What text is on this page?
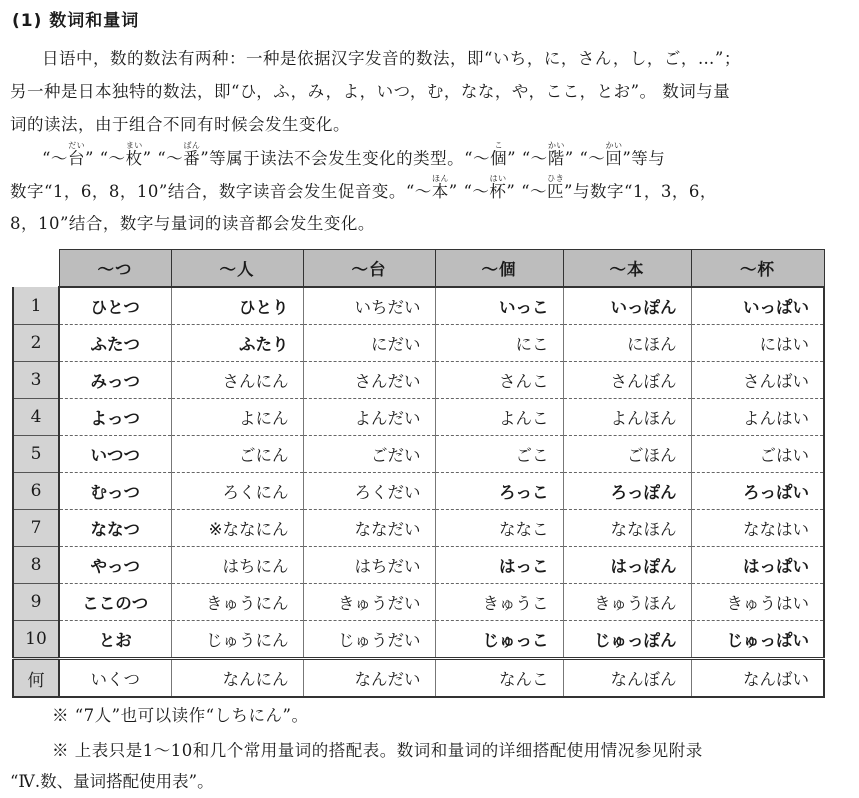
(1) 数词和量词
日语中，数的数法有两种：一种是依据汉字发音的数法，即“いち，に，さん，し，ご，…”；
另一种是日本独特的数法，即“ひ，ふ，み，よ，いつ，む，なな，や，ここ，とお”。 数词与量
词的读法，由于组合不同有时候会发生变化。
“～台だい” “～枚まい” “～番ばん”等属于读法不会发生变化的类型。“～個こ” “～階かい” “～回かい”等与
数字“1，6，8，10”结合，数字读音会发生促音变。“～本ほん” “～杯はい” “～匹ひき”与数字“1，3，6，
8，10”结合，数字与量词的读音都会发生变化。
	～つ	～人	～台	～個	～本	～杯
1	ひとつ	ひとり	いちだい	いっこ	いっぽん	いっぱい
2	ふたつ	ふたり	にだい	にこ	にほん	にはい
3	みっつ	さんにん	さんだい	さんこ	さんぼん	さんばい
4	よっつ	よにん	よんだい	よんこ	よんほん	よんはい
5	いつつ	ごにん	ごだい	ごこ	ごほん	ごはい
6	むっつ	ろくにん	ろくだい	ろっこ	ろっぽん	ろっぱい
7	ななつ	※ななにん	ななだい	ななこ	ななほん	ななはい
8	やっつ	はちにん	はちだい	はっこ	はっぽん	はっぱい
9	ここのつ	きゅうにん	きゅうだい	きゅうこ	きゅうほん	きゅうはい
10	とお	じゅうにん	じゅうだい	じゅっこ	じゅっぽん	じゅっぱい
何	いくつ	なんにん	なんだい	なんこ	なんぼん	なんばい
※ “7人”也可以读作“しちにん”。
※ 上表只是1～10和几个常用量词的搭配表。数词和量词的详细搭配使用情况参见附录
“Ⅳ.数、量词搭配使用表”。
